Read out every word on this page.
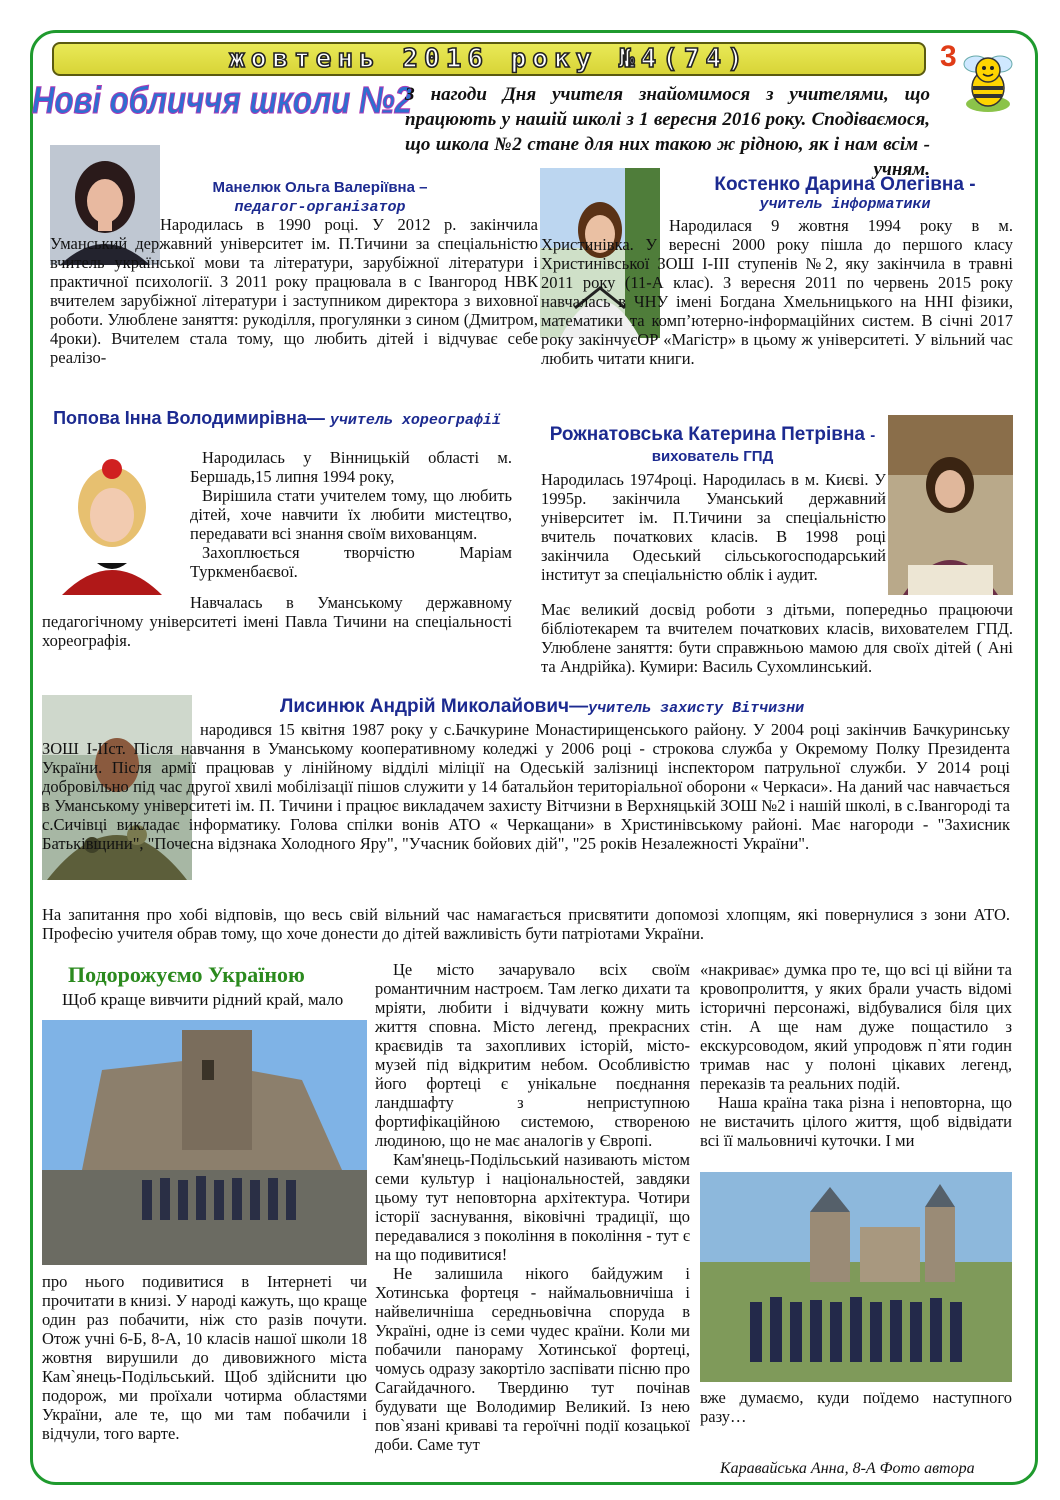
жовтень 2016 року №4(74)	3
Нові обличчя школи №2
З нагоди Дня учителя знайомимося з учителями, що працюють у нашій школі з 1 вересня 2016 року. Сподіваємося, що школа №2 стане для них такою ж рідною, як і нам всім - учням.
Манелюк Ольга Валеріївна –
педагог-організатор
Народилась в 1990 році. У 2012 р. закінчила Уманський державний університет ім. П.Тичини за спеціальністю вчитель української мови та літератури, зарубіжної літератури і практичної психології. З 2011 року працювала в с Івангород НВК вчителем зарубіжної літератури і заступником директора з виховної роботи. Улюблене заняття: рукоділля, прогулянки з сином (Дмитром, 4роки). Вчителем стала тому, що любить дітей і відчуває себе реалізо-
Костенко Дарина Олегівна -
учитель інформатики
Народилася 9 жовтня 1994 року в м. Христинівка. У вересні 2000 року пішла до першого класу Христинівської ЗОШ І-ІІІ ступенів №2, яку закінчила в травні 2011 року (11-А клас). З вересня 2011 по червень 2015 року навчалась в ЧНУ імені Богдана Хмельницького на ННІ фізики, математики та комп’ютерно-інформаційних систем. В січні 2017 року закінчуєОР «Магістр» в цьому ж університеті. У вільний час любить читати книги.
Попова Інна Володимирівна— учитель хореографії

Народилась у Вінницькій області м. Бершадь,15 липня 1994 року,

Вирішила стати учителем тому, що любить дітей, хоче навчити їх любити мистецтво, передавати всі знання своїм вихованцям.

Захоплюється творчістю Маріам Туркменбаєвої.

Навчалась в Уманському державному педагогічному університеті імені Павла Тичини на спеціальності хореографія.
Рожнатовська Катерина Петрівна - вихователь ГПД
Народилась 1974році. Народилась в м. Києві. У 1995р. закінчила Уманський державний університет ім. П.Тичини за спеціальністю вчитель початкових класів. В 1998 році закінчила Одеський сільськогосподарський інститут за спеціальністю облік і аудит.
Має великий досвід роботи з дітьми, попередньо працюючи бібліотекарем та вчителем початкових класів, вихователем ГПД. Улюблене заняття: бути справжньою мамою для своїх дітей ( Ані та Андрійка). Кумири: Василь Сухомлинський.
Лисинюк Андрій Миколайович—учитель захисту Вітчизни

народився 15 квітня 1987 року у с.Бачкурине Монастирищенського району. У 2004 році закінчив Бачкуринську ЗОШ І-ІІст. Після навчання в Уманському кооперативному коледжі у 2006 році - строкова служба у Окремому Полку Президента України. Після армії працював у лінійному відділі міліції на Одеській залізниці інспектором патрульної служби. У 2014 році добровільно під час другої хвилі мобілізації пішов служити у 14 батальйон територіальної оборони « Черкаси». На даний час навчається в Уманському університеті ім. П. Тичини і працює викладачем захисту Вітчизни в Верхняцькій ЗОШ №2 і нашій школі, в с.Івангороді та с.Сичівці викладає інформатику. Голова спілки вонів АТО « Черкащани» в Христинівському районі. Має нагороди - "Захисник Батьківщини", "Почесна відзнака Холодного Яру", "Учасник бойових дій", "25 років Незалежності України".

На запитання про хобі відповів, що весь свій вільний час намагається присвятити допомозі хлопцям, які повернулися з зони АТО. Професію учителя обрав тому, що хоче донести до дітей важливість бути патріотами України.
Подорожуємо Україною
Щоб краще вивчити рідний край, мало
про нього подивитися в Інтернеті чи прочитати в книзі. У народі кажуть, що краще один раз побачити, ніж сто разів почути. Отож учні 6-Б, 8-А, 10 класів нашої школи 18 жовтня вирушили до дивовижного міста Кам`янець-Подільський. Щоб здійснити цю подорож, ми проїхали чотирма областями України, але те, що ми там побачили і відчули, того варте.

Це місто зачарувало всіх своїм романтичним настроєм. Там легко дихати та мріяти, любити і відчувати кожну мить життя сповна. Місто легенд, прекрасних краєвидів та захопливих історій, місто-музей під відкритим небом. Особливістю його фортеці є унікальне поєднання ландшафту з неприступною фортифікаційною системою, створеною людиною, що не має аналогів у Європі.

Кам'янець-Подільський називають містом семи культур і національностей, завдяки цьому тут неповторна архітектура. Чотири історії заснування, віковічні традиції, що передавалися з покоління в покоління - тут є на що подивитися!

Не залишила нікого байдужим і Хотинська фортеця - наймальовничіша і найвеличніша середньовічна споруда в Україні, одне із семи чудес країни. Коли ми побачили панораму Хотинської фортеці, чомусь одразу закортіло заспівати пісню про Сагайдачного. Твердиню тут почінав будувати ще Володимир Великий. Із нею пов`язані криваві та героїчні події козацької доби. Саме тут

«накриває» думка про те, що всі ці війни та кровопролиття, у яких брали участь відомі історичні персонажі, відбувалися біля цих стін. А ще нам дуже пощастило з екскурсоводом, який упродовж п`яти годин тримав нас у полоні цікавих легенд, переказів та реальних подій.

Наша країна така різна і неповторна, що не вистачить цілого життя, щоб відвідати всі її мальовничі куточки. І ми

вже думаємо, куди поїдемо наступного разу…
Каравайська Анна, 8-А Фото автора
